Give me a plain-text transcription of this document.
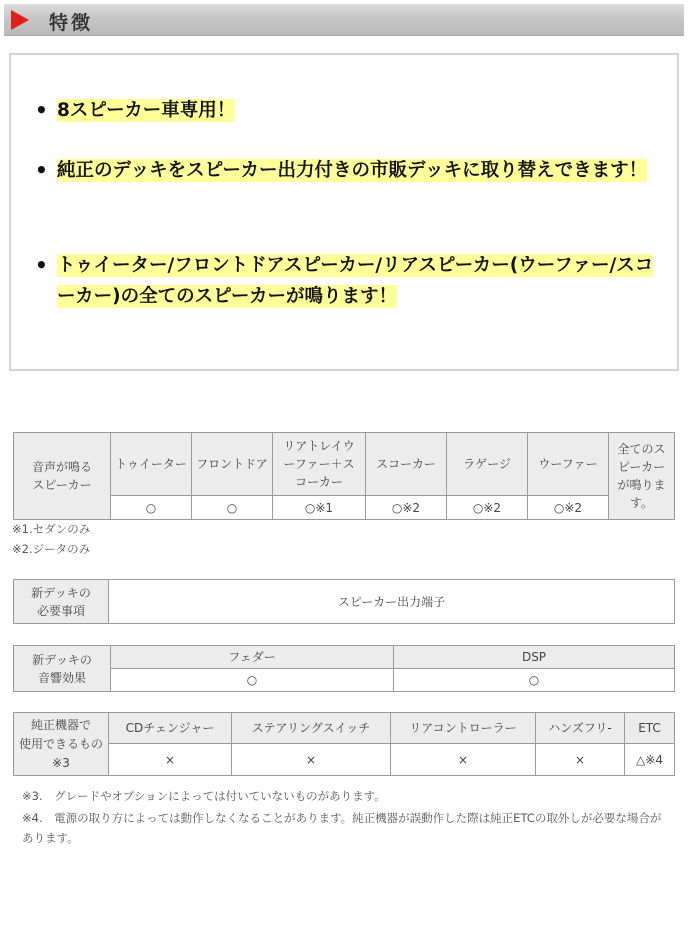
特徴
• 8スピーカー車専用！
• 純正のデッキをスピーカー出力付きの市販デッキに取り替えできます！
• トゥイーター/フロントドアスピーカー/リアスピーカー(ウーファー/スコーカー)の全てのスピーカーが鳴ります！
音声が鳴る
スピーカー	トゥイーター	フロントドア	リアトレイウーファー＋スコーカー	スコーカー	ラゲージ	ウーファー	全てのスピーカーが鳴ります。
	○	○	○※1	○※2	○※2	○※2	
※1.セダンのみ
※2.ジータのみ
新デッキの
必要事項	スピーカー出力端子
新デッキの
音響効果	フェダー	DSP
	○	○
純正機器で
使用できるもの
※3	CDチェンジャー	ステアリングスイッチ	リアコントローラー	ハンズフリ-	ETC
	×	×	×	×	△※4
※3.　グレードやオプションによっては付いていないものがあります。
※4.　電源の取り方によっては動作しなくなることがあります。純正機器が誤動作した際は純正ETCの取外しが必要な場合があります。
